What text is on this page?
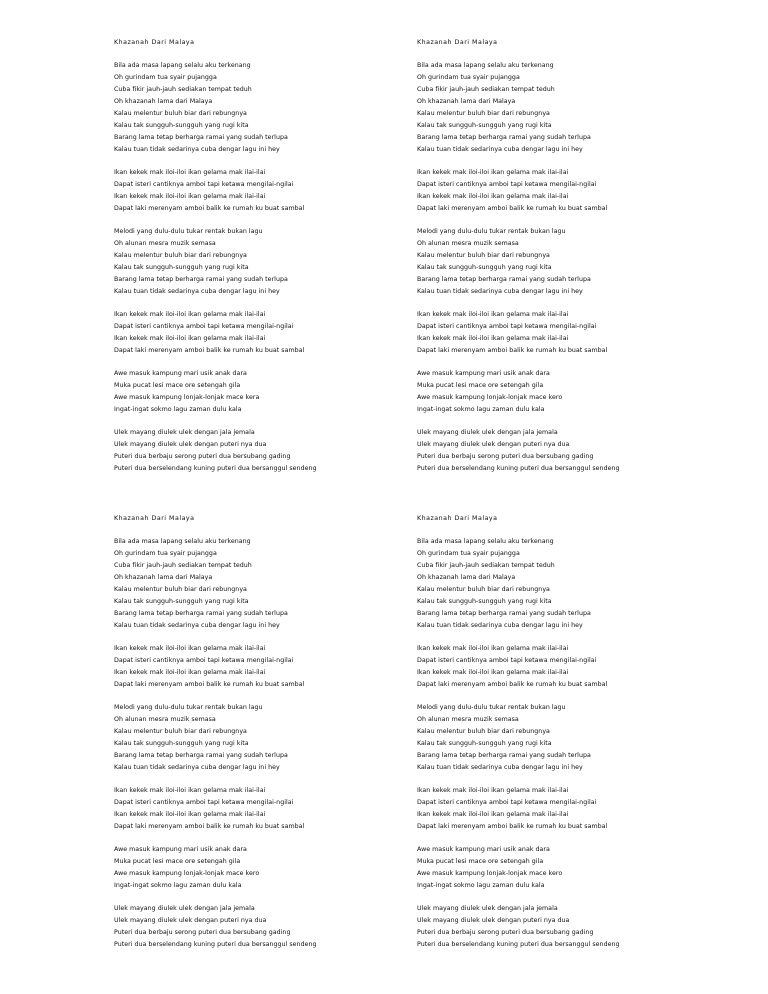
Khazanah Dari Malaya
Bila ada masa lapang selalu aku terkenang
Oh gurindam tua syair pujangga
Cuba fikir jauh-jauh sediakan tempat teduh
Oh khazanah lama dari Malaya
Kalau melentur buluh biar dari rebungnya
Kalau tak sungguh-sungguh yang rugi kita
Barang lama tetap berharga ramai yang sudah terlupa
Kalau tuan tidak sedarinya cuba dengar lagu ini hey
Ikan kekek mak iloi-iloi ikan gelama mak ilai-ilai
Dapat isteri cantiknya amboi tapi ketawa mengilai-ngilai
Ikan kekek mak iloi-iloi ikan gelama mak ilai-ilai
Dapat laki merenyam amboi balik ke rumah ku buat sambal
Melodi yang dulu-dulu tukar rentak bukan lagu
Oh alunan mesra muzik semasa
Kalau melentur buluh biar dari rebungnya
Kalau tak sungguh-sungguh yang rugi kita
Barang lama tetap berharga ramai yang sudah terlupa
Kalau tuan tidak sedarinya cuba dengar lagu ini hey
Ikan kekek mak iloi-iloi ikan gelama mak ilai-ilai
Dapat isteri cantiknya amboi tapi ketawa mengilai-ngilai
Ikan kekek mak iloi-iloi ikan gelama mak ilai-ilai
Dapat laki merenyam amboi balik ke rumah ku buat sambal
Awe masuk kampung mari usik anak dara
Muka pucat lesi mace ore setengah gila
Awe masuk kampung lonjak-lonjak mace kera
Ingat-ingat sokmo lagu zaman dulu kala
Ulek mayang diulek ulek dengan jala jemala
Ulek mayang diulek ulek dengan puteri nya dua
Puteri dua berbaju serong puteri dua bersubang gading
Puteri dua berselendang kuning puteri dua bersanggul sendeng
Khazanah Dari Malaya
Bila ada masa lapang selalu aku terkenang
Oh gurindam tua syair pujangga
Cuba fikir jauh-jauh sediakan tempat teduh
Oh khazanah lama dari Malaya
Kalau melentur buluh biar dari rebungnya
Kalau tak sungguh-sungguh yang rugi kita
Barang lama tetap berharga ramai yang sudah terlupa
Kalau tuan tidak sedarinya cuba dengar lagu ini hey
Ikan kekek mak iloi-iloi ikan gelama mak ilai-ilai
Dapat isteri cantiknya amboi tapi ketawa mengilai-ngilai
Ikan kekek mak iloi-iloi ikan gelama mak ilai-ilai
Dapat laki merenyam amboi balik ke rumah ku buat sambal
Melodi yang dulu-dulu tukar rentak bukan lagu
Oh alunan mesra muzik semasa
Kalau melentur buluh biar dari rebungnya
Kalau tak sungguh-sungguh yang rugi kita
Barang lama tetap berharga ramai yang sudah terlupa
Kalau tuan tidak sedarinya cuba dengar lagu ini hey
Ikan kekek mak iloi-iloi ikan gelama mak ilai-ilai
Dapat isteri cantiknya amboi tapi ketawa mengilai-ngilai
Ikan kekek mak iloi-iloi ikan gelama mak ilai-ilai
Dapat laki merenyam amboi balik ke rumah ku buat sambal
Awe masuk kampung mari usik anak dara
Muka pucat lesi mace ore setengah gila
Awe masuk kampung lonjak-lonjak mace kero
Ingat-ingat sokmo lagu zaman dulu kala
Ulek mayang diulek ulek dengan jala jemala
Ulek mayang diulek ulek dengan puteri nya dua
Puteri dua berbaju serong puteri dua bersubang gading
Puteri dua berselendang kuning puteri dua bersanggul sendeng
Khazanah Dari Malaya
Bila ada masa lapang selalu aku terkenang
Oh gurindam tua syair pujangga
Cuba fikir jauh-jauh sediakan tempat teduh
Oh khazanah lama dari Malaya
Kalau melentur buluh biar dari rebungnya
Kalau tak sungguh-sungguh yang rugi kita
Barang lama tetap berharga ramai yang sudah terlupa
Kalau tuan tidak sedarinya cuba dengar lagu ini hey
Ikan kekek mak iloi-iloi ikan gelama mak ilai-ilai
Dapat isteri cantiknya amboi tapi ketawa mengilai-ngilai
Ikan kekek mak iloi-iloi ikan gelama mak ilai-ilai
Dapat laki merenyam amboi balik ke rumah ku buat sambal
Melodi yang dulu-dulu tukar rentak bukan lagu
Oh alunan mesra muzik semasa
Kalau melentur buluh biar dari rebungnya
Kalau tak sungguh-sungguh yang rugi kita
Barang lama tetap berharga ramai yang sudah terlupa
Kalau tuan tidak sedarinya cuba dengar lagu ini hey
Ikan kekek mak iloi-iloi ikan gelama mak ilai-ilai
Dapat isteri cantiknya amboi tapi ketawa mengilai-ngilai
Ikan kekek mak iloi-iloi ikan gelama mak ilai-ilai
Dapat laki merenyam amboi balik ke rumah ku buat sambal
Awe masuk kampung mari usik anak dara
Muka pucat lesi mace ore setengah gila
Awe masuk kampung lonjak-lonjak mace kero
Ingat-ingat sokmo lagu zaman dulu kala
Ulek mayang diulek ulek dengan jala jemala
Ulek mayang diulek ulek dengan puteri nya dua
Puteri dua berbaju serong puteri dua bersubang gading
Puteri dua berselendang kuning puteri dua bersanggul sendeng
Khazanah Dari Malaya
Bila ada masa lapang selalu aku terkenang
Oh gurindam tua syair pujangga
Cuba fikir jauh-jauh sediakan tempat teduh
Oh khazanah lama dari Malaya
Kalau melentur buluh biar dari rebungnya
Kalau tak sungguh-sungguh yang rugi kita
Barang lama tetap berharga ramai yang sudah terlupa
Kalau tuan tidak sedarinya cuba dengar lagu ini hey
Ikan kekek mak iloi-iloi ikan gelama mak ilai-ilai
Dapat isteri cantiknya amboi tapi ketawa mengilai-ngilai
Ikan kekek mak iloi-iloi ikan gelama mak ilai-ilai
Dapat laki merenyam amboi balik ke rumah ku buat sambal
Melodi yang dulu-dulu tukar rentak bukan lagu
Oh alunan mesra muzik semasa
Kalau melentur buluh biar dari rebungnya
Kalau tak sungguh-sungguh yang rugi kita
Barang lama tetap berharga ramai yang sudah terlupa
Kalau tuan tidak sedarinya cuba dengar lagu ini hey
Ikan kekek mak iloi-iloi ikan gelama mak ilai-ilai
Dapat isteri cantiknya amboi tapi ketawa mengilai-ngilai
Ikan kekek mak iloi-iloi ikan gelama mak ilai-ilai
Dapat laki merenyam amboi balik ke rumah ku buat sambal
Awe masuk kampung mari usik anak dara
Muka pucat lesi mace ore setengah gila
Awe masuk kampung lonjak-lonjak mace kero
Ingat-ingat sokmo lagu zaman dulu kala
Ulek mayang diulek ulek dengan jala jemala
Ulek mayang diulek ulek dengan puteri nya dua
Puteri dua berbaju serong puteri dua bersubang gading
Puteri dua berselendang kuning puteri dua bersanggul sendeng
